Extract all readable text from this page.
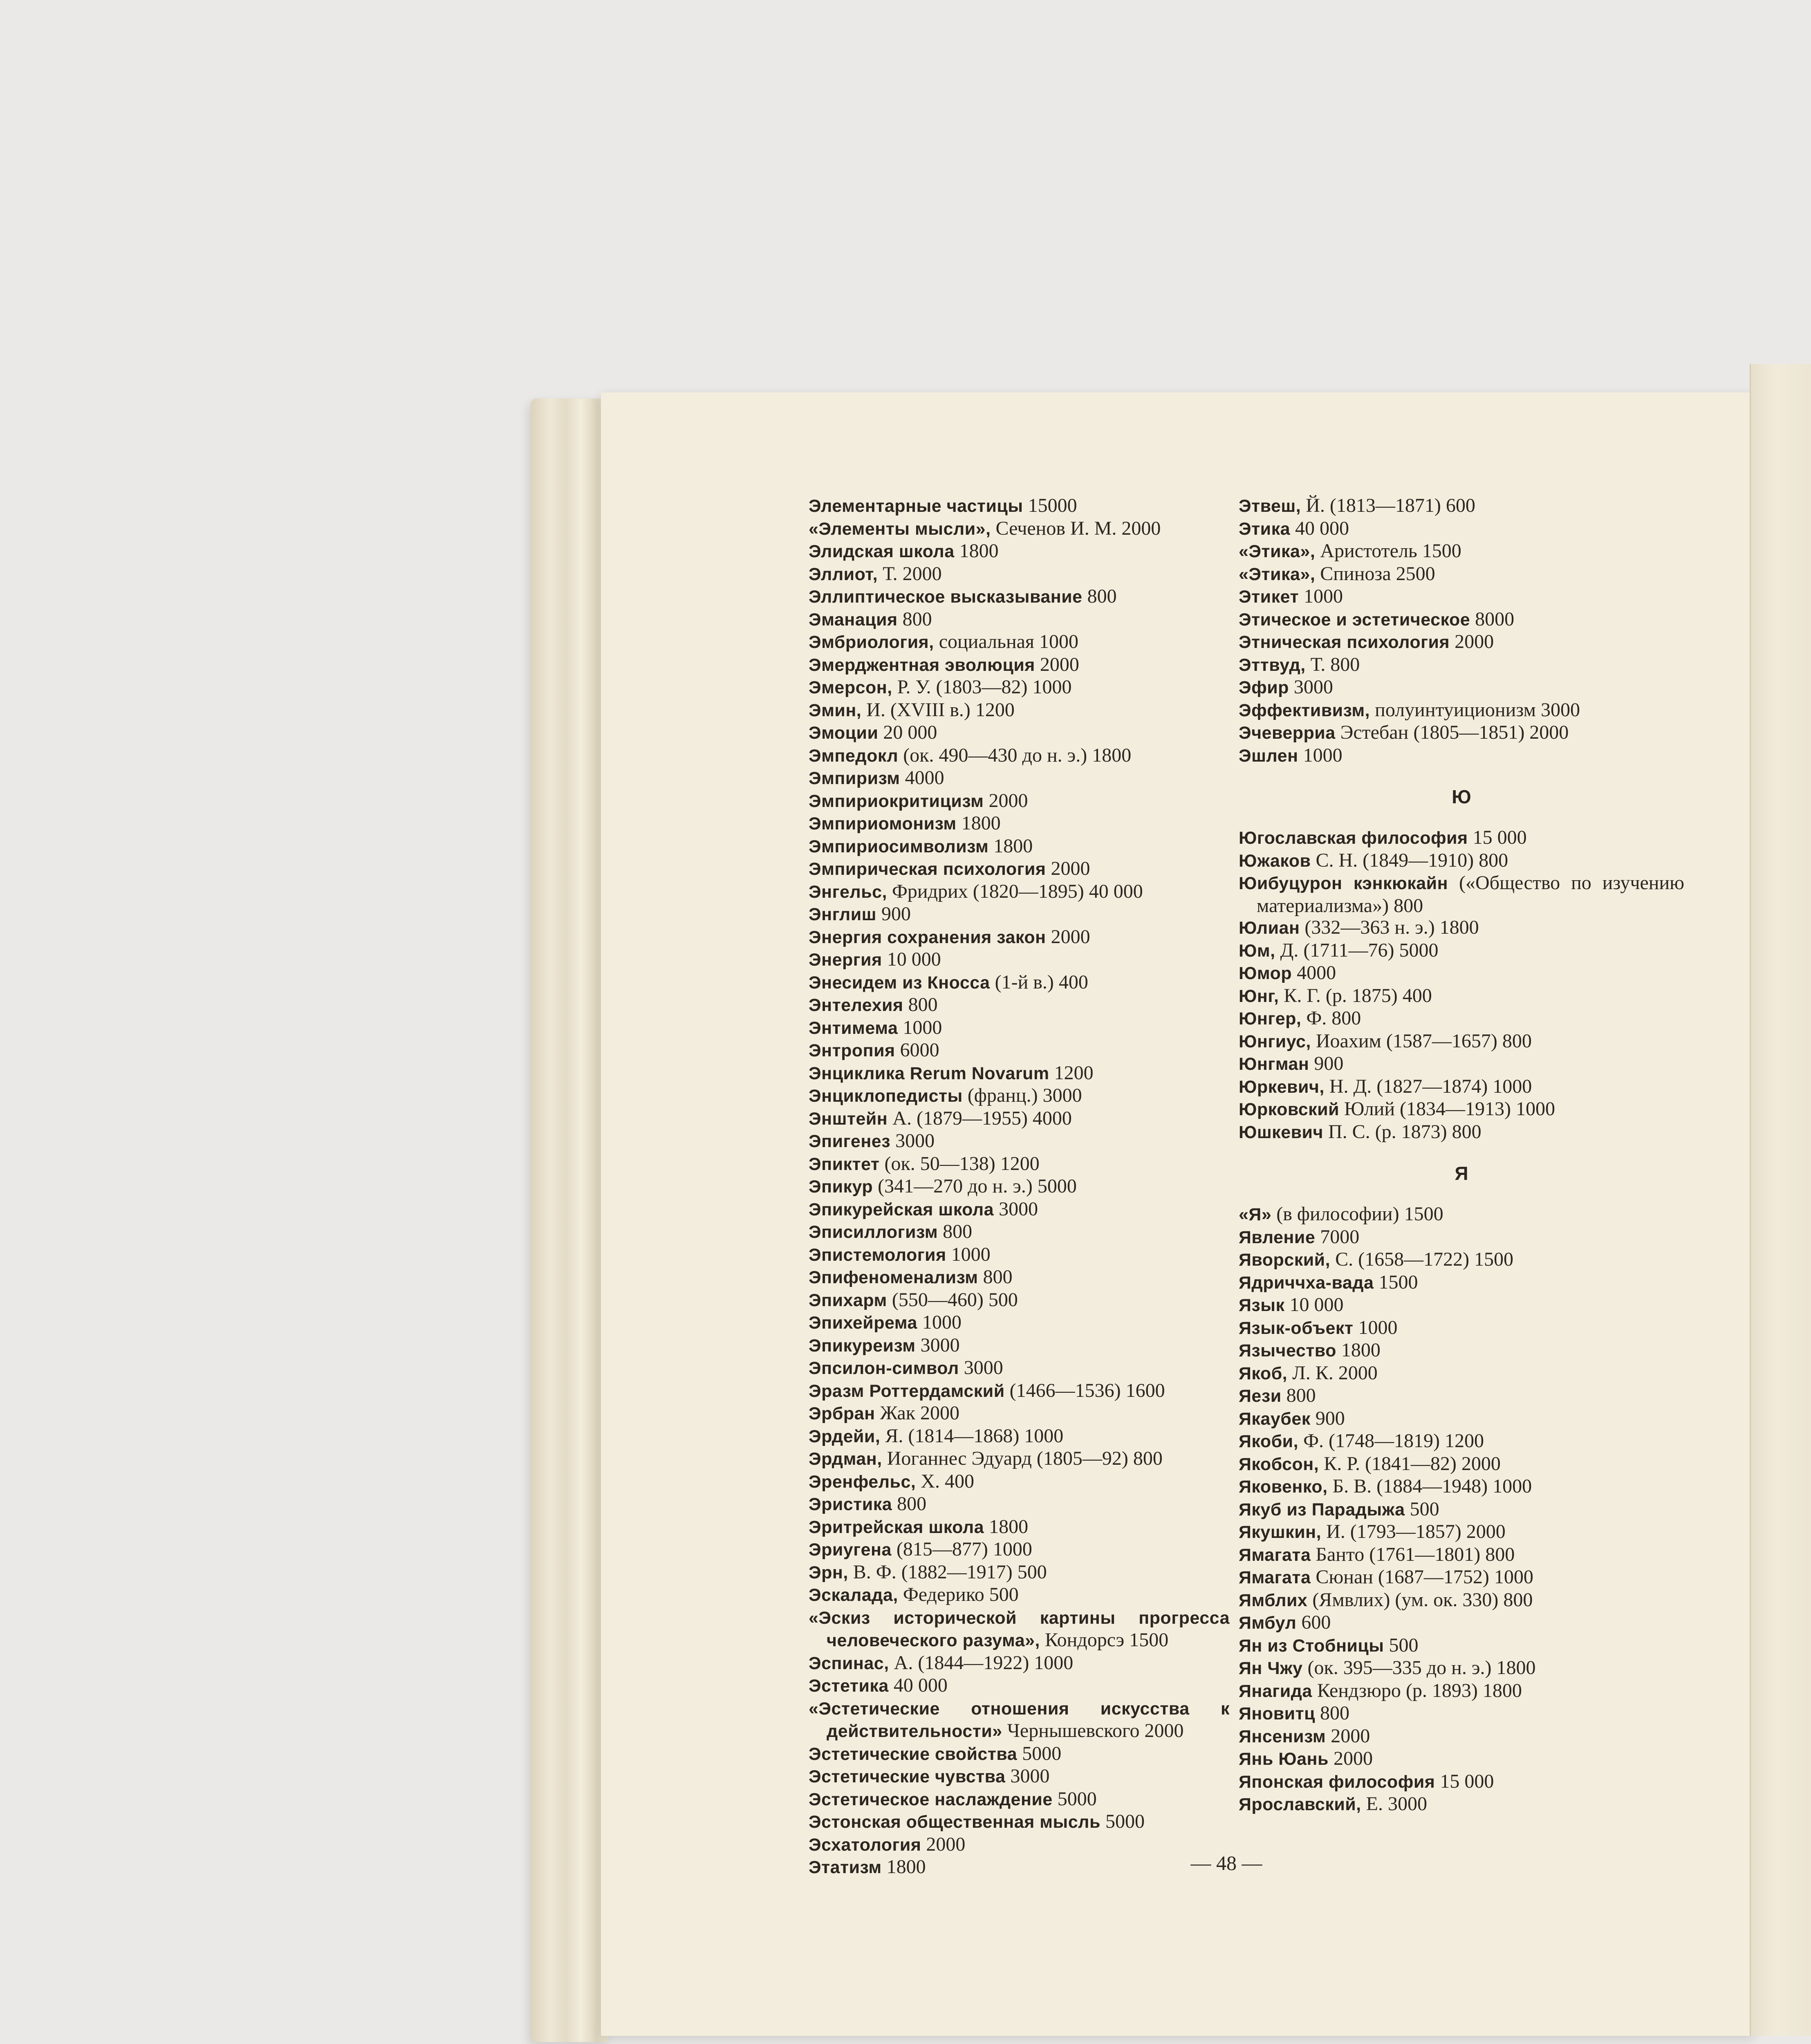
Элементарные частицы 15000
«Элементы мысли», Сеченов И. М. 2000
Элидская школа 1800
Эллиот, Т. 2000
Эллиптическое высказывание 800
Эманация 800
Эмбриология, социальная 1000
Эмерджентная эволюция 2000
Эмерсон, Р. У. (1803—82) 1000
Эмин, И. (XVIII в.) 1200
Эмоции 20 000
Эмпедокл (ок. 490—430 до н. э.) 1800
Эмпиризм 4000
Эмпириокритицизм 2000
Эмпириомонизм 1800
Эмпириосимволизм 1800
Эмпирическая психология 2000
Энгельс, Фридрих (1820—1895) 40 000
Энглиш 900
Энергия сохранения закон 2000
Энергия 10 000
Энесидем из Кносса (1-й в.) 400
Энтелехия 800
Энтимема 1000
Энтропия 6000
Энциклика Rerum Novarum 1200
Энциклопедисты (франц.) 3000
Энштейн А. (1879—1955) 4000
Эпигенез 3000
Эпиктет (ок. 50—138) 1200
Эпикур (341—270 до н. э.) 5000
Эпикурейская школа 3000
Эписиллогизм 800
Эпистемология 1000
Эпифеноменализм 800
Эпихарм (550—460) 500
Эпихейрема 1000
Эпикуреизм 3000
Эпсилон-символ 3000
Эразм Роттердамский (1466—1536) 1600
Эрбран Жак 2000
Эрдейи, Я. (1814—1868) 1000
Эрдман, Иоганнес Эдуард (1805—92) 800
Эренфельс, Х. 400
Эристика 800
Эритрейская школа 1800
Эриугена (815—877) 1000
Эрн, В. Ф. (1882—1917) 500
Эскалада, Федерико 500
«Эскиз исторической картины прогресса человеческого разума», Кондорсэ 1500
Эспинас, А. (1844—1922) 1000
Эстетика 40 000
«Эстетические отношения искусства к действительности» Чернышевского 2000
Эстетические свойства 5000
Эстетические чувства 3000
Эстетическое наслаждение 5000
Эстонская общественная мысль 5000
Эсхатология 2000
Этатизм 1800
Этвеш, Й. (1813—1871) 600
Этика 40 000
«Этика», Аристотель 1500
«Этика», Спиноза 2500
Этикет 1000
Этическое и эстетическое 8000
Этническая психология 2000
Эттвуд, Т. 800
Эфир 3000
Эффективизм, полуинтуиционизм 3000
Эчеверриа Эстебан (1805—1851) 2000
Эшлен 1000
Ю
Югославская философия 15 000
Южаков С. Н. (1849—1910) 800
Юибуцурон кэнкюкайн («Общество по изучению материализма») 800
Юлиан (332—363 н. э.) 1800
Юм, Д. (1711—76) 5000
Юмор 4000
Юнг, К. Г. (р. 1875) 400
Юнгер, Ф. 800
Юнгиус, Иоахим (1587—1657) 800
Юнгман 900
Юркевич, Н. Д. (1827—1874) 1000
Юрковский Юлий (1834—1913) 1000
Юшкевич П. С. (р. 1873) 800
Я
«Я» (в философии) 1500
Явление 7000
Яворский, С. (1658—1722) 1500
Ядриччха-вада 1500
Язык 10 000
Язык-объект 1000
Язычество 1800
Якоб, Л. К. 2000
Яези 800
Якаубек 900
Якоби, Ф. (1748—1819) 1200
Якобсон, К. Р. (1841—82) 2000
Яковенко, Б. В. (1884—1948) 1000
Якуб из Парадыжа 500
Якушкин, И. (1793—1857) 2000
Ямагата Банто (1761—1801) 800
Ямагата Сюнан (1687—1752) 1000
Ямблих (Ямвлих) (ум. ок. 330) 800
Ямбул 600
Ян из Стобницы 500
Ян Чжу (ок. 395—335 до н. э.) 1800
Янагида Кендзюро (р. 1893) 1800
Яновитц 800
Янсенизм 2000
Янь Юань 2000
Японская философия 15 000
Ярославский, Е. 3000
— 48 —
